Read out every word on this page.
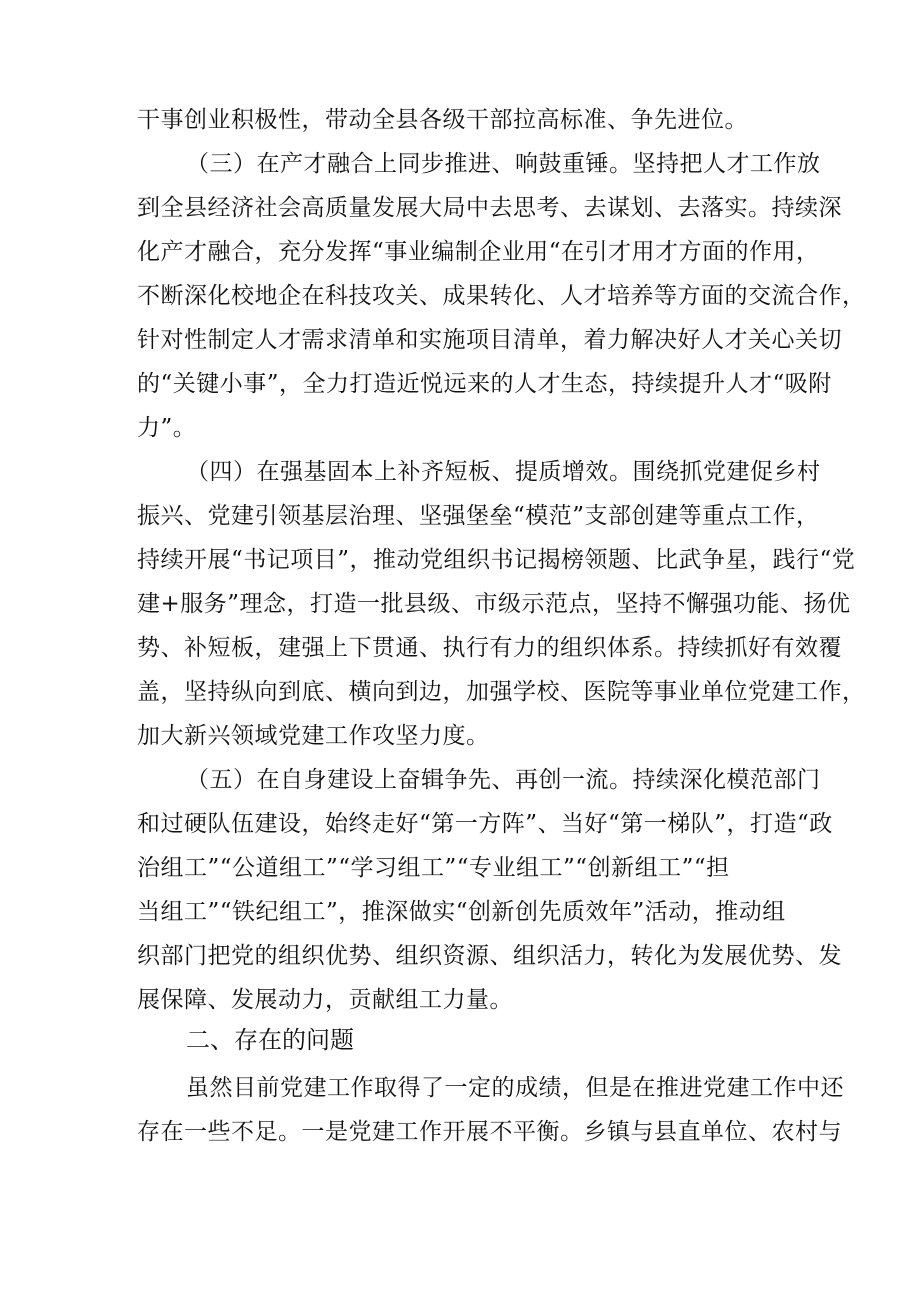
干事创业积极性，带动全县各级干部拉高标准、争先进位。
（三）在产才融合上同步推进、响鼓重锤。坚持把人才工作放
到全县经济社会高质量发展大局中去思考、去谋划、去落实。持续深
化产才融合，充分发挥“事业编制企业用“在引才用才方面的作用，
不断深化校地企在科技攻关、成果转化、人才培养等方面的交流合作，
针对性制定人才需求清单和实施项目清单，着力解决好人才关心关切
的“关键小事”，全力打造近悦远来的人才生态，持续提升人才“吸附
力”。
（四）在强基固本上补齐短板、提质增效。围绕抓党建促乡村
振兴、党建引领基层治理、坚强堡垒“模范”支部创建等重点工作，
持续开展“书记项目”，推动党组织书记揭榜领题、比武争星，践行“党
建+服务”理念，打造一批县级、市级示范点，坚持不懈强功能、扬优
势、补短板，建强上下贯通、执行有力的组织体系。持续抓好有效覆
盖，坚持纵向到底、横向到边，加强学校、医院等事业单位党建工作，
加大新兴领域党建工作攻坚力度。
（五）在自身建设上奋辑争先、再创一流。持续深化模范部门
和过硬队伍建设，始终走好“第一方阵”、当好“第一梯队”，打造“政
治组工”“公道组工”“学习组工”“专业组工”“创新组工”“担
当组工”“铁纪组工”，推深做实“创新创先质效年”活动，推动组
织部门把党的组织优势、组织资源、组织活力，转化为发展优势、发
展保障、发展动力，贡献组工力量。
二、存在的问题
虽然目前党建工作取得了一定的成绩，但是在推进党建工作中还
存在一些不足。一是党建工作开展不平衡。乡镇与县直单位、农村与
